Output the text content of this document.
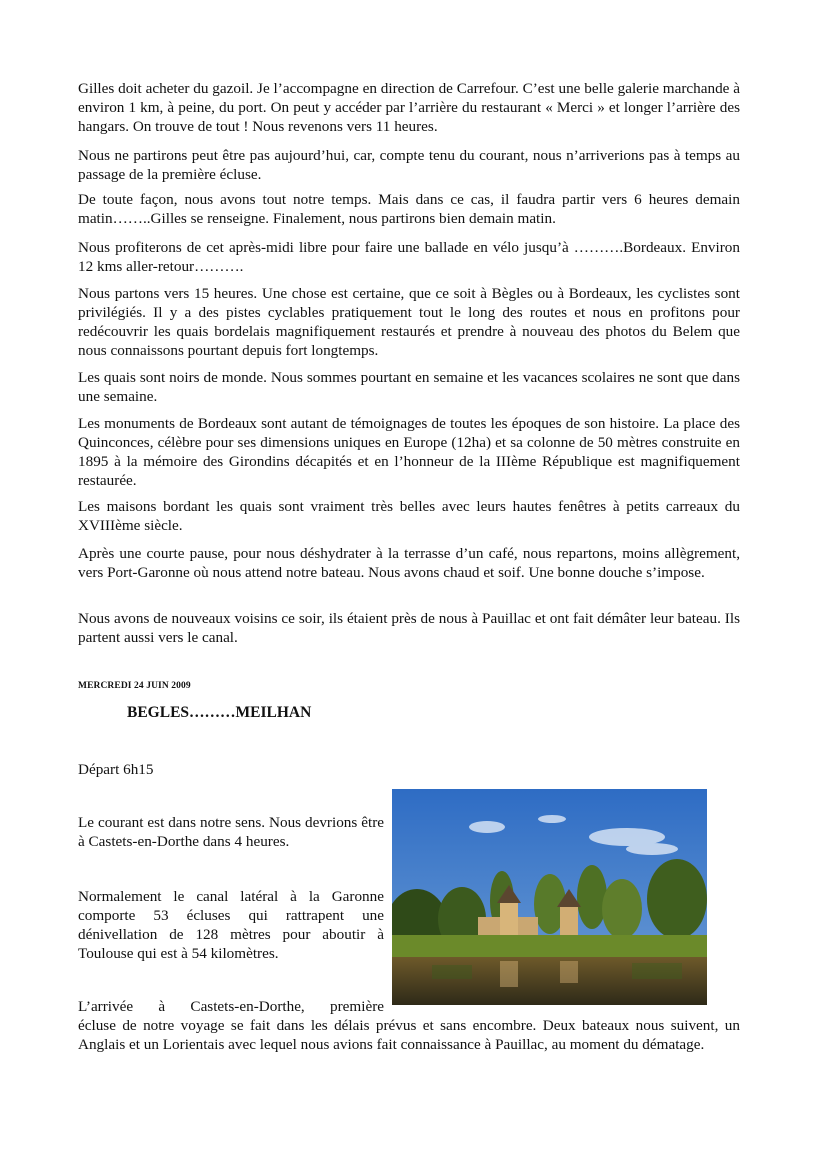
Gilles doit acheter du gazoil. Je l’accompagne en direction de Carrefour. C’est une belle galerie marchande à environ 1 km, à peine, du port. On peut y accéder par l’arrière du restaurant « Merci » et longer l’arrière des hangars. On trouve de tout ! Nous revenons vers 11 heures.

Nous ne partirons peut être pas aujourd’hui, car, compte tenu du courant, nous n’arriverions pas à temps au passage de la première écluse.

De toute façon, nous avons tout notre temps. Mais dans ce cas, il faudra partir vers 6 heures demain matin……..Gilles se renseigne. Finalement, nous partirons bien demain matin.

Nous profiterons de cet après-midi libre pour faire une ballade en vélo jusqu’à ……….Bordeaux. Environ 12 kms aller-retour……….

Nous partons vers 15 heures. Une chose est certaine, que ce soit à Bègles ou à Bordeaux, les cyclistes sont privilégiés. Il y a des pistes cyclables pratiquement tout le long des routes et nous en profitons pour redécouvrir les quais bordelais magnifiquement restaurés et prendre à nouveau des photos du Belem que nous connaissons pourtant depuis fort longtemps.

Les quais sont noirs de monde. Nous sommes pourtant en semaine et les vacances scolaires ne sont que dans une semaine.

Les monuments de Bordeaux sont autant de témoignages de toutes les époques de son histoire. La place des Quinconces, célèbre pour ses dimensions uniques en Europe (12ha) et sa colonne de 50 mètres construite en 1895 à la mémoire des Girondins décapités et en l’honneur de la IIIème République est magnifiquement restaurée.

Les maisons bordant les quais sont vraiment très belles avec leurs hautes fenêtres à petits carreaux du XVIIIème siècle.

Après une courte pause, pour nous déshydrater à la terrasse d’un café, nous repartons, moins allègrement, vers Port-Garonne où nous attend notre bateau. Nous avons chaud et soif. Une bonne douche s’impose.

Nous avons de nouveaux voisins ce soir, ils étaient près de nous à Pauillac et ont fait démâter leur bateau. Ils partent aussi vers le canal.

MERCREDI 24 JUIN 2009
BEGLES………MEILHAN

Départ 6h15

Le courant est dans notre sens. Nous devrions être à Castets-en-Dorthe dans 4 heures.

Normalement le canal latéral à la Garonne comporte 53 écluses qui rattrapent une dénivellation de 128 mètres pour aboutir à Toulouse qui est à 54 kilomètres.

L’arrivée à Castets-en-Dorthe, première

écluse de notre voyage se fait dans les délais prévus et sans encombre. Deux bateaux nous suivent, un Anglais et un Lorientais avec lequel nous avions fait connaissance à Pauillac, au moment du dématage.
